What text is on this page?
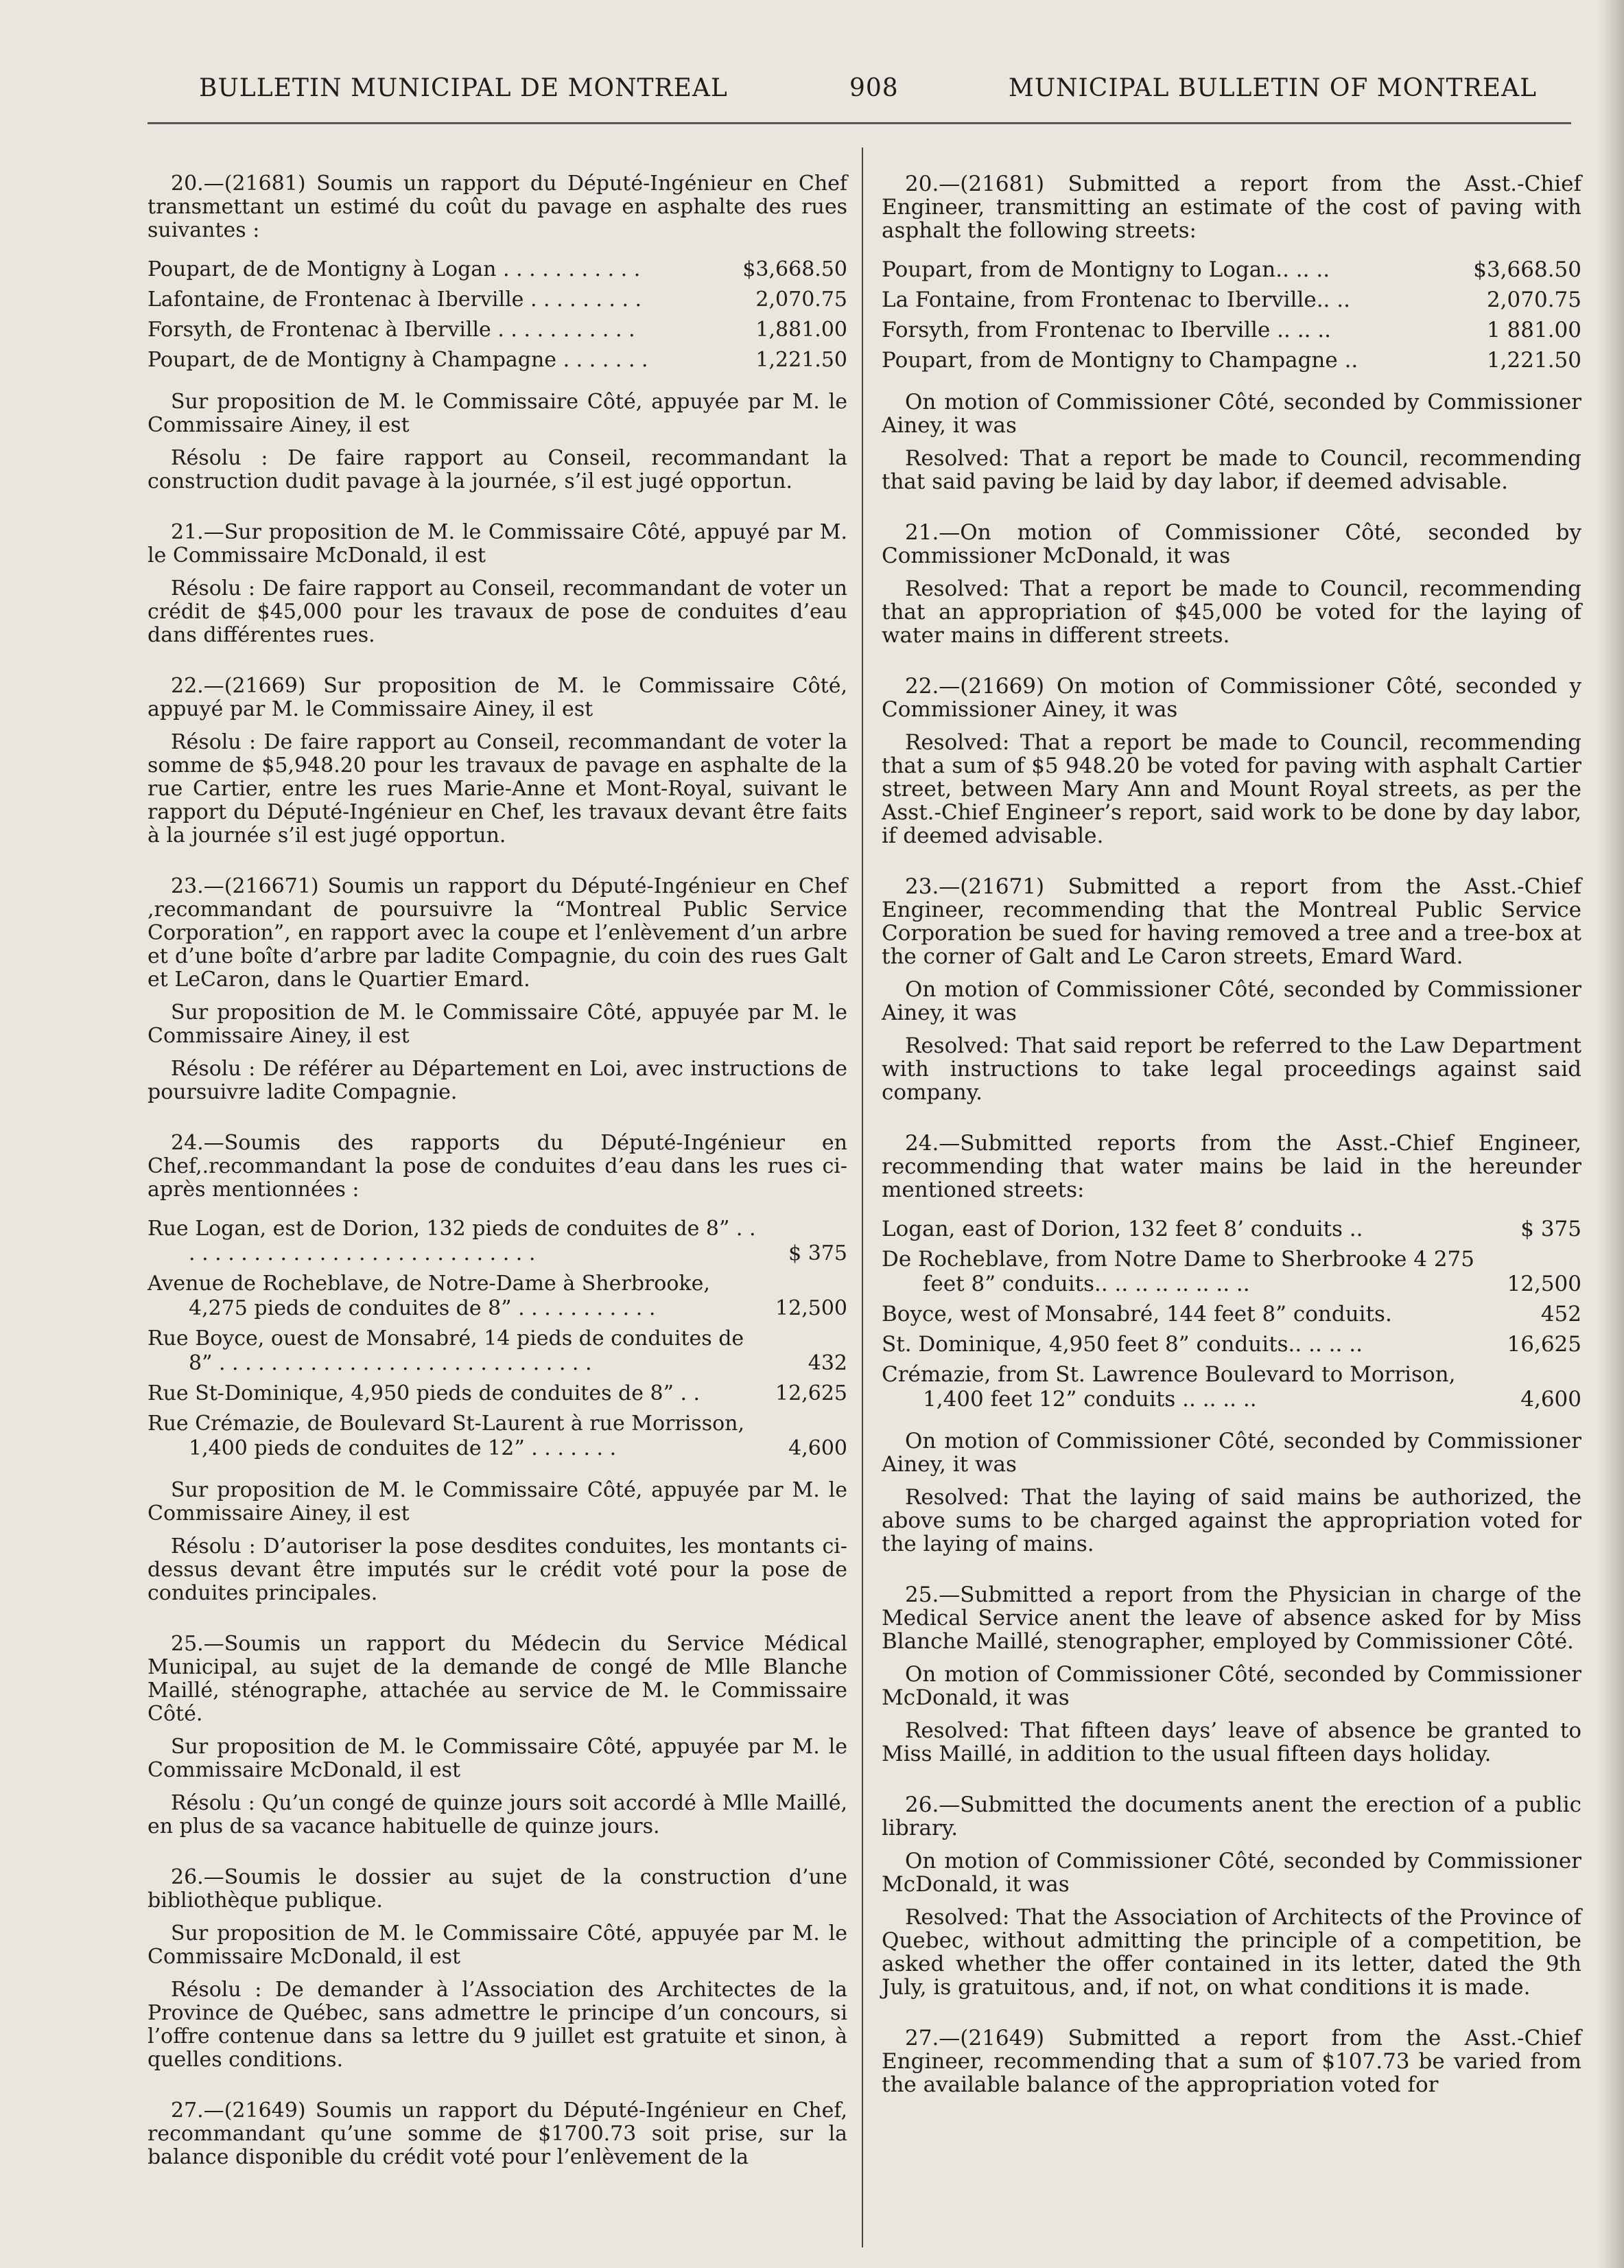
BULLETIN MUNICIPAL DE MONTREAL	908	MUNICIPAL BULLETIN OF MONTREAL

20.—(21681) Soumis un rapport du Député-Ingénieur en Chef transmettant un estimé du coût du pavage en asphalte des rues suivantes :

Poupart, de de Montigny à Logan . . . . . . . . . . .	$3,668.50
Lafontaine, de Frontenac à Iberville . . . . . . . . .	2,070.75
Forsyth, de Frontenac à Iberville . . . . . . . . . . .	1,881.00
Poupart, de de Montigny à Champagne . . . . . . .	1,221.50

Sur proposition de M. le Commissaire Côté, appuyée par M. le Commissaire Ainey, il est

Résolu : De faire rapport au Conseil, recommandant la construction dudit pavage à la journée, s’il est jugé opportun.

21.—Sur proposition de M. le Commissaire Côté, appuyé par M. le Commissaire McDonald, il est

Résolu : De faire rapport au Conseil, recommandant de voter un crédit de $45,000 pour les travaux de pose de conduites d’eau dans différentes rues.

22.—(21669) Sur proposition de M. le Commissaire Côté, appuyé par M. le Commissaire Ainey, il est

Résolu : De faire rapport au Conseil, recommandant de voter la somme de $5,948.20 pour les travaux de pavage en asphalte de la rue Cartier, entre les rues Marie-Anne et Mont-Royal, suivant le rapport du Député-Ingénieur en Chef, les travaux devant être faits à la journée s’il est jugé opportun.

23.—(216671) Soumis un rapport du Député-Ingénieur en Chef ,recommandant de poursuivre la “Montreal Public Service Corporation”, en rapport avec la coupe et l’enlèvement d’un arbre et d’une boîte d’arbre par ladite Compagnie, du coin des rues Galt et LeCaron, dans le Quartier Emard.

Sur proposition de M. le Commissaire Côté, appuyée par M. le Commissaire Ainey, il est

Résolu : De référer au Département en Loi, avec instructions de poursuivre ladite Compagnie.

24.—Soumis des rapports du Député-Ingénieur en Chef,.recommandant la pose de conduites d’eau dans les rues ci-après mentionnées :

Rue Logan, est de Dorion, 132 pieds de conduites de 8” . . . . . . . . . . . . . . . . . . . . . . . . . . . . .	$ 375
Avenue de Rocheblave, de Notre-Dame à Sherbrooke, 4,275 pieds de conduites de 8” . . . . . . . . . . .	12,500
Rue Boyce, ouest de Monsabré, 14 pieds de conduites de 8” . . . . . . . . . . . . . . . . . . . . . . . . . . . . .	432
Rue St-Dominique, 4,950 pieds de conduites de 8” . .	12,625
Rue Crémazie, de Boulevard St-Laurent à rue Morrisson, 1,400 pieds de conduites de 12” . . . . . . .	4,600

Sur proposition de M. le Commissaire Côté, appuyée par M. le Commissaire Ainey, il est

Résolu : D’autoriser la pose desdites conduites, les montants ci-dessus devant être imputés sur le crédit voté pour la pose de conduites principales.

25.—Soumis un rapport du Médecin du Service Médical Municipal, au sujet de la demande de congé de Mlle Blanche Maillé, sténographe, attachée au service de M. le Commissaire Côté.

Sur proposition de M. le Commissaire Côté, appuyée par M. le Commissaire McDonald, il est

Résolu : Qu’un congé de quinze jours soit accordé à Mlle Maillé, en plus de sa vacance habituelle de quinze jours.

26.—Soumis le dossier au sujet de la construction d’une bibliothèque publique.

Sur proposition de M. le Commissaire Côté, appuyée par M. le Commissaire McDonald, il est

Résolu : De demander à l’Association des Architectes de la Province de Québec, sans admettre le principe d’un concours, si l’offre contenue dans sa lettre du 9 juillet est gratuite et sinon, à quelles conditions.

27.—(21649) Soumis un rapport du Député-Ingénieur en Chef, recommandant qu’une somme de $1700.73 soit prise, sur la balance disponible du crédit voté pour l’enlèvement de la

20.—(21681) Submitted a report from the Asst.-Chief Engineer, transmitting an estimate of the cost of paving with asphalt the following streets:

Poupart, from de Montigny to Logan.. .. ..	$3,668.50
La Fontaine, from Frontenac to Iberville.. ..	2,070.75
Forsyth, from Frontenac to Iberville .. .. ..	1 881.00
Poupart, from de Montigny to Champagne ..	1,221.50

On motion of Commissioner Côté, seconded by Commissioner Ainey, it was

Resolved: That a report be made to Council, recommending that said paving be laid by day labor, if deemed advisable.

21.—On motion of Commissioner Côté, seconded by Commissioner McDonald, it was

Resolved: That a report be made to Council, recommending that an appropriation of $45,000 be voted for the laying of water mains in different streets.

22.—(21669) On motion of Commissioner Côté, seconded y Commissioner Ainey, it was

Resolved: That a report be made to Council, recommending that a sum of $5 948.20 be voted for paving with asphalt Cartier street, between Mary Ann and Mount Royal streets, as per the Asst.-Chief Engineer’s report, said work to be done by day labor, if deemed advisable.

23.—(21671) Submitted a report from the Asst.-Chief Engineer, recommending that the Montreal Public Service Corporation be sued for having removed a tree and a tree-box at the corner of Galt and Le Caron streets, Emard Ward.

On motion of Commissioner Côté, seconded by Commissioner Ainey, it was

Resolved: That said report be referred to the Law Department with instructions to take legal proceedings against said company.

24.—Submitted reports from the Asst.-Chief Engineer, recommending that water mains be laid in the hereunder mentioned streets:

Logan, east of Dorion, 132 feet 8’ conduits ..	$ 375
De Rocheblave, from Notre Dame to Sherbrooke 4 275 feet 8” conduits.. .. .. .. .. .. .. ..	12,500
Boyce, west of Monsabré, 144 feet 8” conduits.	452
St. Dominique, 4,950 feet 8” conduits.. .. .. ..	16,625
Crémazie, from St. Lawrence Boulevard to Morrison, 1,400 feet 12” conduits .. .. .. ..	4,600

On motion of Commissioner Côté, seconded by Commissioner Ainey, it was

Resolved: That the laying of said mains be authorized, the above sums to be charged against the appropriation voted for the laying of mains.

25.—Submitted a report from the Physician in charge of the Medical Service anent the leave of absence asked for by Miss Blanche Maillé, stenographer, employed by Commissioner Côté.

On motion of Commissioner Côté, seconded by Commissioner McDonald, it was

Resolved: That fifteen days’ leave of absence be granted to Miss Maillé, in addition to the usual fifteen days holiday.

26.—Submitted the documents anent the erection of a public library.

On motion of Commissioner Côté, seconded by Commissioner McDonald, it was

Resolved: That the Association of Architects of the Province of Quebec, without admitting the principle of a competition, be asked whether the offer contained in its letter, dated the 9th July, is gratuitous, and, if not, on what conditions it is made.

27.—(21649) Submitted a report from the Asst.-Chief Engineer, recommending that a sum of $107.73 be varied from the available balance of the appropriation voted for
